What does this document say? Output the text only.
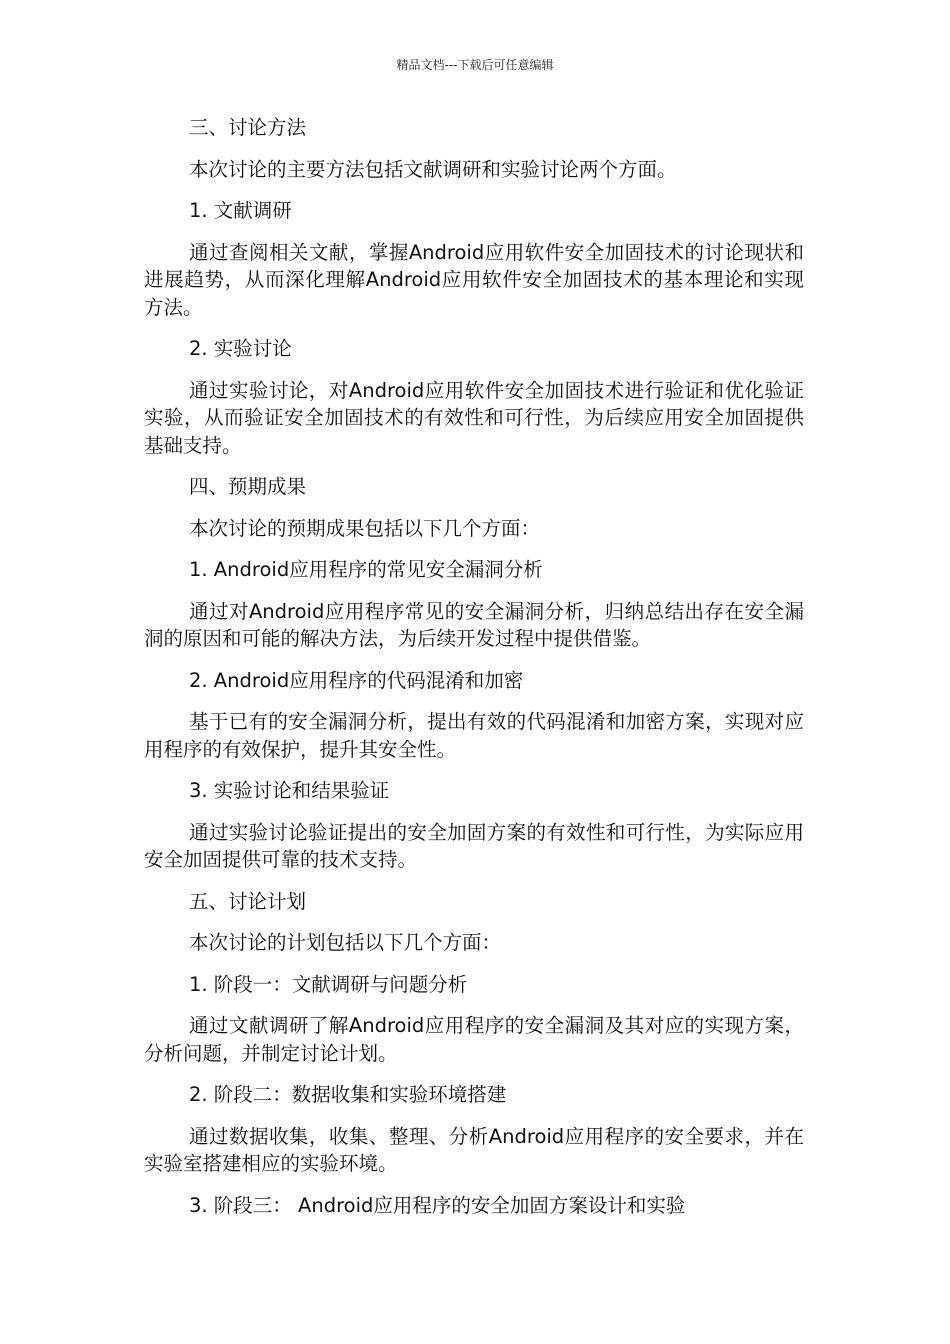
精品文档---下载后可任意编辑

三、讨论方法

本次讨论的主要方法包括文献调研和实验讨论两个方面。

1. 文献调研

通过查阅相关文献，掌握Android应用软件安全加固技术的讨论现状和进展趋势，从而深化理解Android应用软件安全加固技术的基本理论和实现方法。

2. 实验讨论

通过实验讨论，对Android应用软件安全加固技术进行验证和优化验证实验，从而验证安全加固技术的有效性和可行性，为后续应用安全加固提供基础支持。

四、预期成果

本次讨论的预期成果包括以下几个方面：

1. Android应用程序的常见安全漏洞分析

通过对Android应用程序常见的安全漏洞分析，归纳总结出存在安全漏洞的原因和可能的解决方法，为后续开发过程中提供借鉴。

2. Android应用程序的代码混淆和加密

基于已有的安全漏洞分析，提出有效的代码混淆和加密方案，实现对应用程序的有效保护，提升其安全性。

3. 实验讨论和结果验证

通过实验讨论验证提出的安全加固方案的有效性和可行性，为实际应用安全加固提供可靠的技术支持。

五、讨论计划

本次讨论的计划包括以下几个方面：

1. 阶段一：文献调研与问题分析

通过文献调研了解Android应用程序的安全漏洞及其对应的实现方案，分析问题，并制定讨论计划。

2. 阶段二：数据收集和实验环境搭建

通过数据收集，收集、整理、分析Android应用程序的安全要求，并在实验室搭建相应的实验环境。

3. 阶段三： Android应用程序的安全加固方案设计和实验
